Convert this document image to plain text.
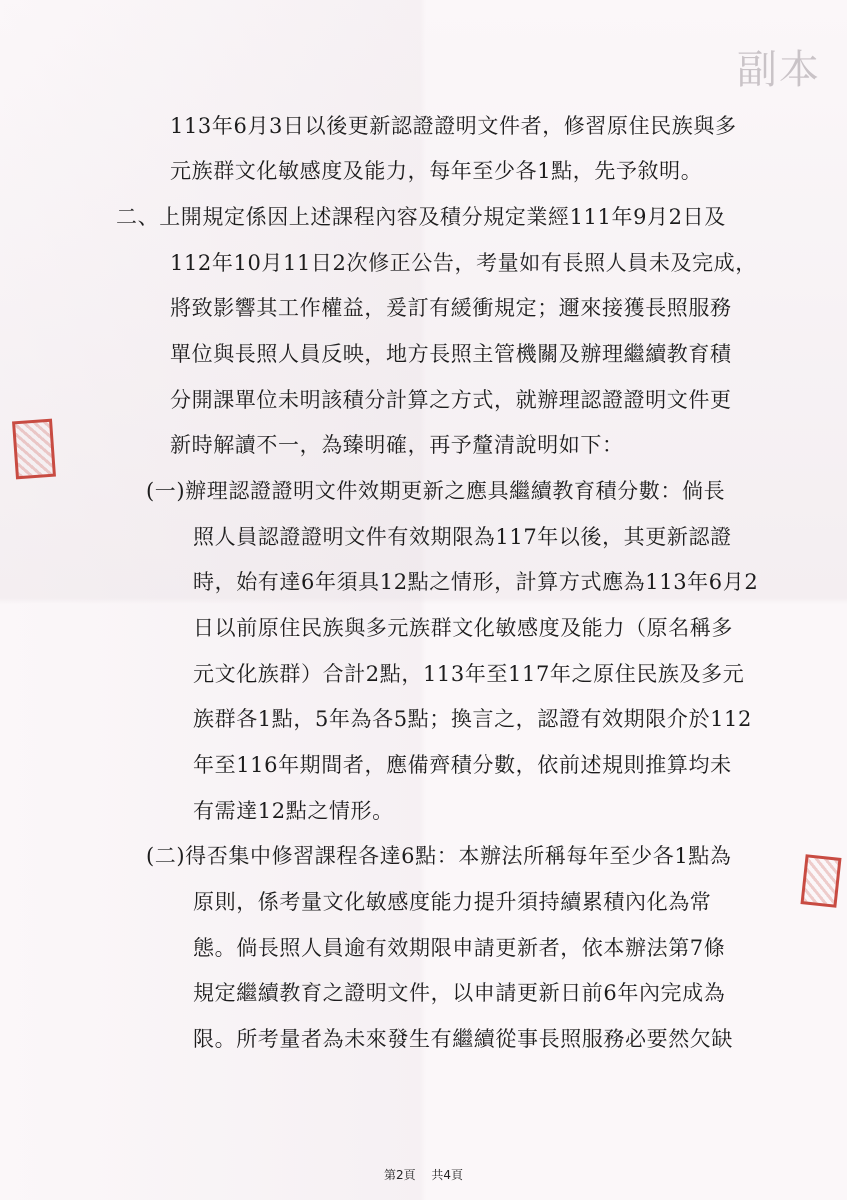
副本
113年6月3日以後更新認證證明文件者，修習原住民族與多
元族群文化敏感度及能力，每年至少各1點，先予敘明。
二、上開規定係因上述課程內容及積分規定業經111年9月2日及
112年10月11日2次修正公告，考量如有長照人員未及完成，
將致影響其工作權益，爰訂有緩衝規定；邇來接獲長照服務
單位與長照人員反映，地方長照主管機關及辦理繼續教育積
分開課單位未明該積分計算之方式，就辦理認證證明文件更
新時解讀不一，為臻明確，再予釐清說明如下：
(一)辦理認證證明文件效期更新之應具繼續教育積分數：倘長
照人員認證證明文件有效期限為117年以後，其更新認證
時，始有達6年須具12點之情形，計算方式應為113年6月2
日以前原住民族與多元族群文化敏感度及能力（原名稱多
元文化族群）合計2點，113年至117年之原住民族及多元
族群各1點，5年為各5點；換言之，認證有效期限介於112
年至116年期間者，應備齊積分數，依前述規則推算均未
有需達12點之情形。
(二)得否集中修習課程各達6點：本辦法所稱每年至少各1點為
原則，係考量文化敏感度能力提升須持續累積內化為常
態。倘長照人員逾有效期限申請更新者，依本辦法第7條
規定繼續教育之證明文件，以申請更新日前6年內完成為
限。所考量者為未來發生有繼續從事長照服務必要然欠缺
第2頁 共4頁
